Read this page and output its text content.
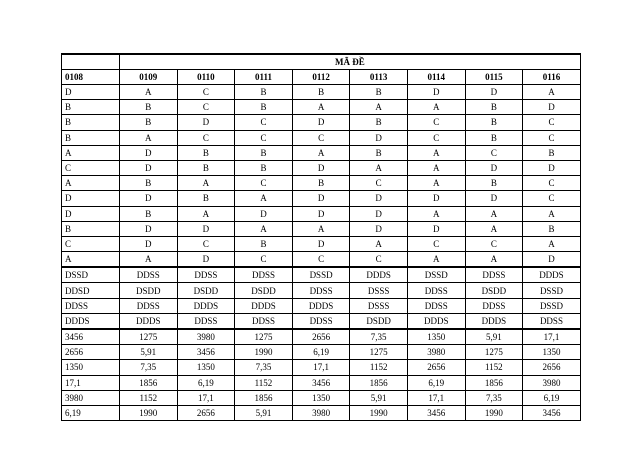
	MÃ ĐỀ							
0108	0109	0110	0111	0112	0113	0114	0115	0116
D	A	C	B	B	B	D	D	A
B	B	C	B	A	A	A	B	D
B	B	D	C	D	B	C	B	C
B	A	C	C	C	D	C	B	C
A	D	B	B	A	B	A	C	B
C	D	B	B	D	A	A	D	D
A	B	A	C	B	C	A	B	C
D	D	B	A	D	D	D	D	C
D	B	A	D	D	D	A	A	A
B	D	D	A	A	D	D	A	B
C	D	C	B	D	A	C	C	A
A	A	D	C	C	C	A	A	D
DSSD	DDSS	DDSS	DDSS	DSSD	DDDS	DSSD	DDSS	DDDS
DDSD	DSDD	DSDD	DSDD	DDSS	DSSS	DDSS	DSDD	DSSD
DDSS	DDSS	DDDS	DDDS	DDDS	DSSS	DDSS	DDSS	DSSD
DDDS	DDDS	DDSS	DDSS	DDSS	DSDD	DDDS	DDDS	DDSS
3456	1275	3980	1275	2656	7,35	1350	5,91	17,1
2656	5,91	3456	1990	6,19	1275	3980	1275	1350
1350	7,35	1350	7,35	17,1	1152	2656	1152	2656
17,1	1856	6,19	1152	3456	1856	6,19	1856	3980
3980	1152	17,1	1856	1350	5,91	17,1	7,35	6,19
6,19	1990	2656	5,91	3980	1990	3456	1990	3456
